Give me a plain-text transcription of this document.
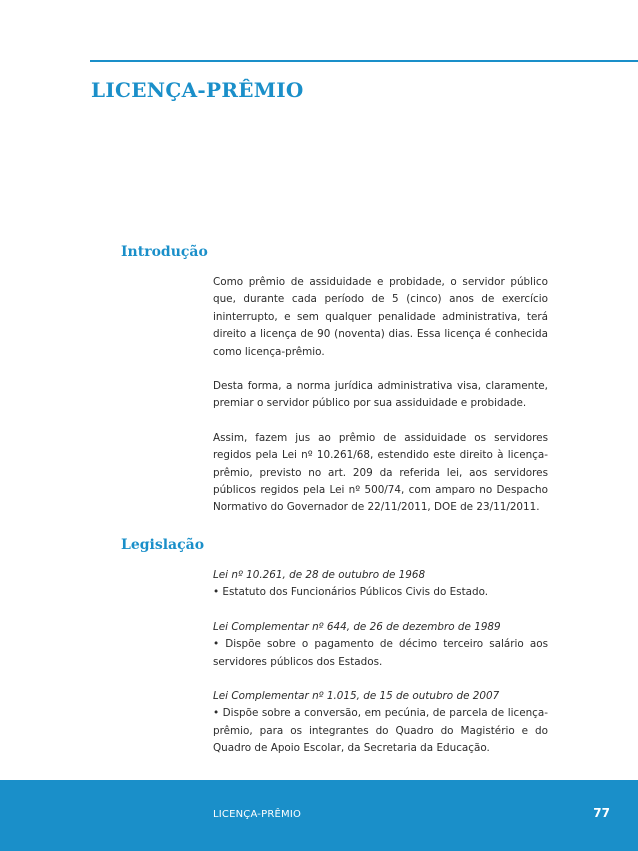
LICENÇA-PRÊMIO
Introdução

Como prêmio de assiduidade e probidade, o servidor público que, durante cada período de 5 (cinco) anos de exercício ininterrupto, e sem qualquer penalidade administrativa, terá direito a licença de 90 (noventa) dias. Essa licença é conhecida como licença-prêmio.

Desta forma, a norma jurídica administrativa visa, claramente, premiar o servidor público por sua assiduidade e probidade.

Assim, fazem jus ao prêmio de assiduidade os servidores regidos pela Lei nº 10.261/68, estendido este direito à licença-prêmio, previsto no art. 209 da referida lei, aos servidores públicos regidos pela Lei nº 500/74, com amparo no Despacho Normativo do Governador de 22/11/2011, DOE de 23/11/2011.

Legislação
Lei nº 10.261, de 28 de outubro de 1968

• Estatuto dos Funcionários Públicos Civis do Estado.

Lei Complementar nº 644, de 26 de dezembro de 1989

• Dispõe sobre o pagamento de décimo terceiro salário aos servidores públicos dos Estados.

Lei Complementar nº 1.015, de 15 de outubro de 2007

• Dispõe sobre a conversão, em pecúnia, de parcela de licença-prêmio, para os integrantes do Quadro do Magistério e do Quadro de Apoio Escolar, da Secretaria da Educação.

LICENÇA-PRÊMIO	77
